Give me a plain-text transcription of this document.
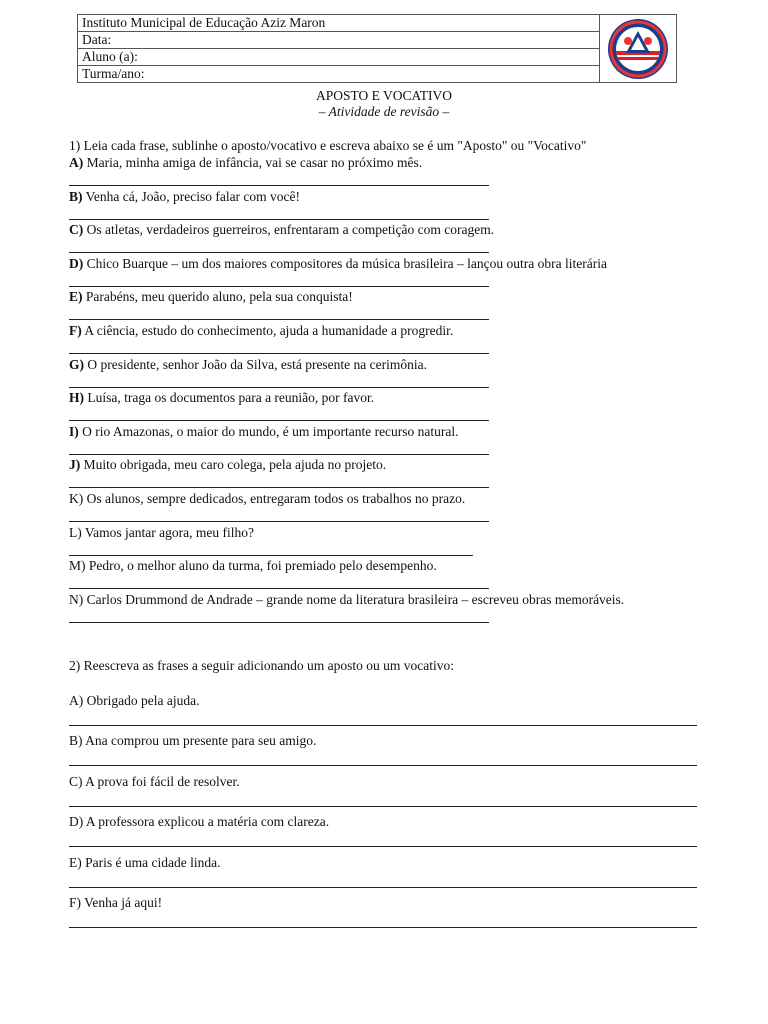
Instituto Municipal de Educação Aziz Maron
Data:
Aluno (a):
Turma/ano:
APOSTO E VOCATIVO
– Atividade de revisão –
1) Leia cada frase, sublinhe o aposto/vocativo e escreva abaixo se é um "Aposto" ou "Vocativo"
A) Maria, minha amiga de infância, vai se casar no próximo mês.
B) Venha cá, João, preciso falar com você!
C) Os atletas, verdadeiros guerreiros, enfrentaram a competição com coragem.
D) Chico Buarque – um dos maiores compositores da música brasileira – lançou outra obra literária
E) Parabéns, meu querido aluno, pela sua conquista!
F) A ciência, estudo do conhecimento, ajuda a humanidade a progredir.
G) O presidente, senhor João da Silva, está presente na cerimônia.
H) Luísa, traga os documentos para a reunião, por favor.
I) O rio Amazonas, o maior do mundo, é um importante recurso natural.
J) Muito obrigada, meu caro colega, pela ajuda no projeto.
K) Os alunos, sempre dedicados, entregaram todos os trabalhos no prazo.
L) Vamos jantar agora, meu filho?
M) Pedro, o melhor aluno da turma, foi premiado pelo desempenho.
N) Carlos Drummond de Andrade – grande nome da literatura brasileira – escreveu obras memoráveis.
2) Reescreva as frases a seguir adicionando um aposto ou um vocativo:
A) Obrigado pela ajuda.
B) Ana comprou um presente para seu amigo.
C) A prova foi fácil de resolver.
D) A professora explicou a matéria com clareza.
E) Paris é uma cidade linda.
F) Venha já aqui!
